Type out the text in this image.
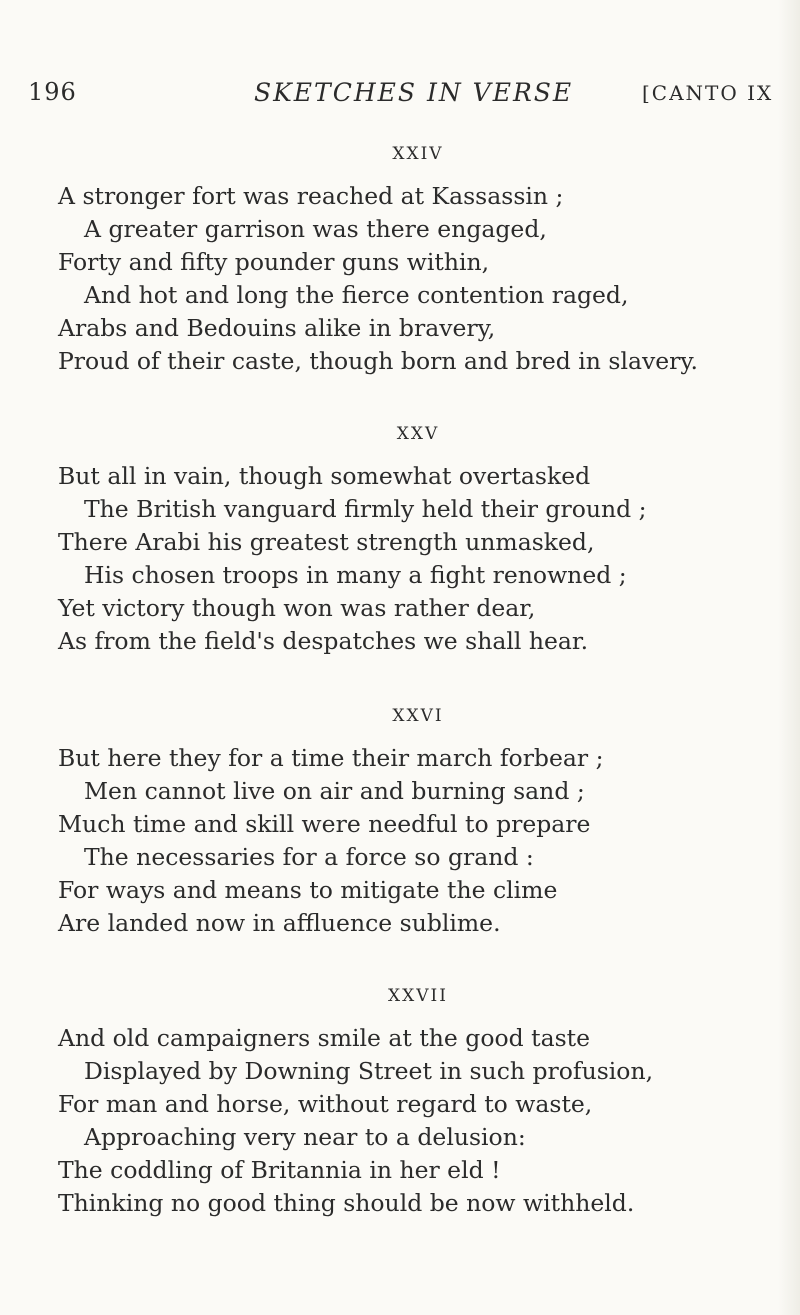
196	SKETCHES IN VERSE	[CANTO IX
XXIV
A stronger fort was reached at Kassassin ;
A greater garrison was there engaged,
Forty and fifty pounder guns within,
And hot and long the fierce contention raged,
Arabs and Bedouins alike in bravery,
Proud of their caste, though born and bred in slavery.
XXV
But all in vain, though somewhat overtasked
The British vanguard firmly held their ground ;
There Arabi his greatest strength unmasked,
His chosen troops in many a fight renowned ;
Yet victory though won was rather dear,
As from the field's despatches we shall hear.
XXVI
But here they for a time their march forbear ;
Men cannot live on air and burning sand ;
Much time and skill were needful to prepare
The necessaries for a force so grand :
For ways and means to mitigate the clime
Are landed now in affluence sublime.
XXVII
And old campaigners smile at the good taste
Displayed by Downing Street in such profusion,
For man and horse, without regard to waste,
Approaching very near to a delusion:
The coddling of Britannia in her eld !
Thinking no good thing should be now withheld.
